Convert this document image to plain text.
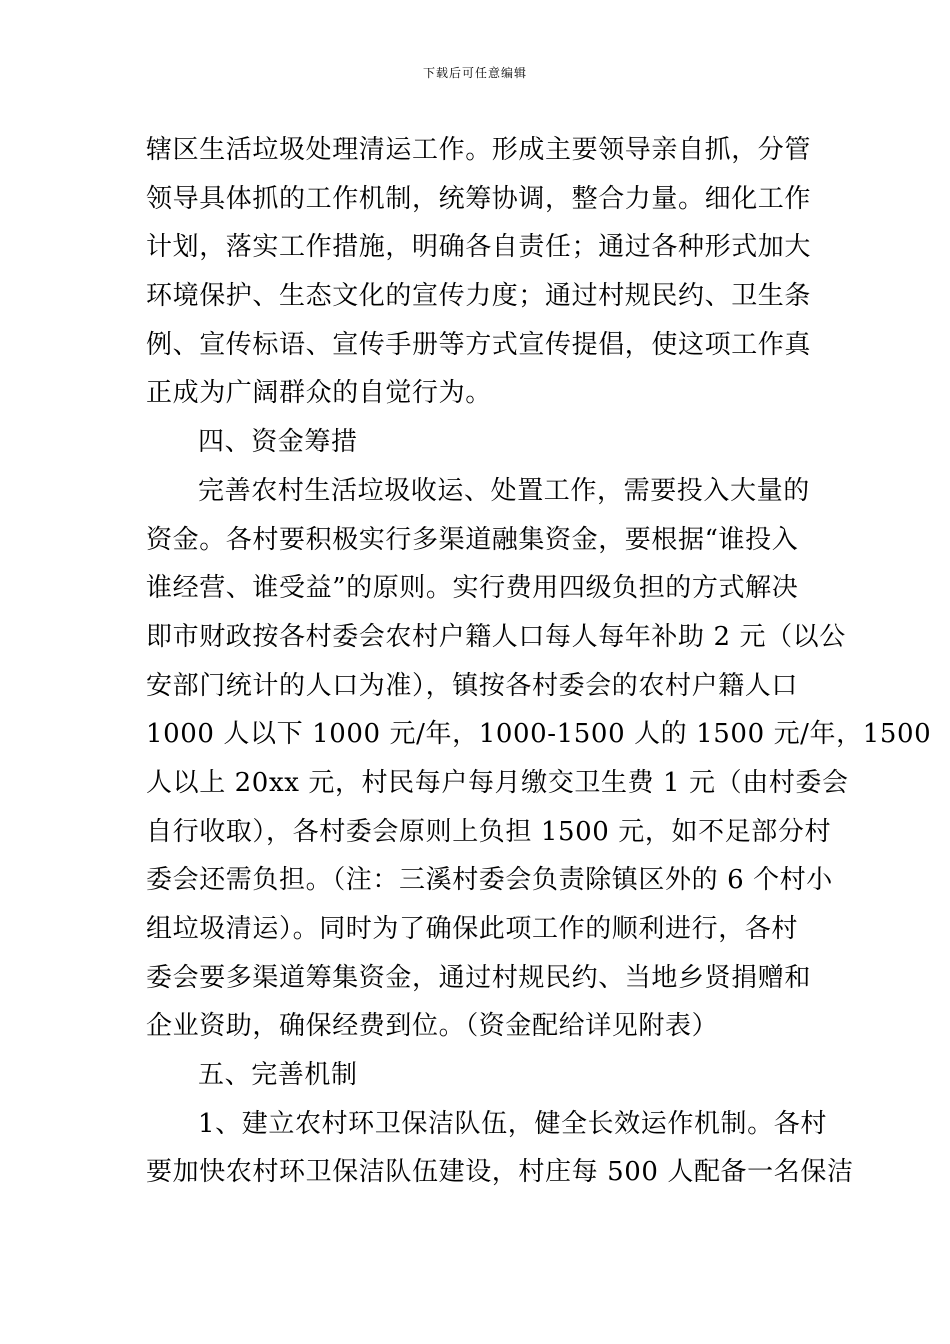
下载后可任意编辑
辖区生活垃圾处理清运工作。形成主要领导亲自抓，分管
领导具体抓的工作机制，统筹协调，整合力量。细化工作
计划，落实工作措施，明确各自责任；通过各种形式加大
环境保护、生态文化的宣传力度；通过村规民约、卫生条
例、宣传标语、宣传手册等方式宣传提倡，使这项工作真
正成为广阔群众的自觉行为。
四、资金筹措
完善农村生活垃圾收运、处置工作，需要投入大量的
资金。各村要积极实行多渠道融集资金，要根据“谁投入
谁经营、谁受益”的原则。实行费用四级负担的方式解决
即市财政按各村委会农村户籍人口每人每年补助 2 元（以公
安部门统计的人口为准），镇按各村委会的农村户籍人口
1000 人以下 1000 元/年，1000-1500 人的 1500 元/年，1500
人以上 20xx 元，村民每户每月缴交卫生费 1 元（由村委会
自行收取），各村委会原则上负担 1500 元，如不足部分村
委会还需负担。（注：三溪村委会负责除镇区外的 6 个村小
组垃圾清运）。同时为了确保此项工作的顺利进行，各村
委会要多渠道筹集资金，通过村规民约、当地乡贤捐赠和
企业资助，确保经费到位。（资金配给详见附表）
五、完善机制
1、建立农村环卫保洁队伍，健全长效运作机制。各村
要加快农村环卫保洁队伍建设，村庄每 500 人配备一名保洁
